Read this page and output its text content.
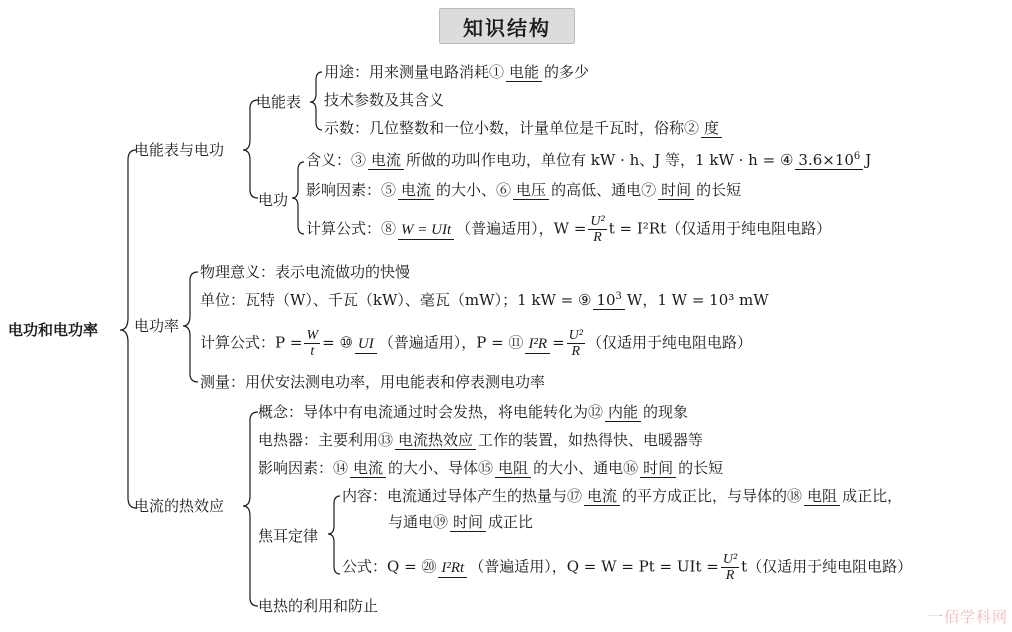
知识结构
电功和电功率
电能表与电功
电能表
用途：用来测量电路消耗① 电能 的多少
技术参数及其含义
示数：几位整数和一位小数，计量单位是千瓦时，俗称② 度
电功
含义：③ 电流 所做的功叫作电功，单位有 kW · h、J 等，1 kW · h = ④ $3.6\times 10^6$ J
影响因素：⑤ 电流 的大小、⑥ 电压 的高低、通电⑦ 时间 的长短
计算公式：⑧ W = UIt （普遍适用），$W = \frac{\text{U²}}{R}$ t = I²Rt（仅适用于纯电阻电路）
电功率
物理意义：表示电流做功的快慢
单位：瓦特（W）、千瓦（kW）、毫瓦（mW）；1 kW = ⑨ $10^3$ W，1 W = 10³ mW
计算公式：$P = \frac{W}{t}$ = ⑩ UI （普遍适用），P = ⑪ $I^2R = \frac{\text{U²}}{R}$ （仅适用于纯电阻电路）
测量：用伏安法测电功率，用电能表和停表测电功率
电流的热效应
概念：导体中有电流通过时会发热，将电能转化为⑫ 内能 的现象
电热器：主要利用⑬ 电流热效应 工作的装置，如热得快、电暖器等
影响因素：⑭ 电流 的大小、导体⑮ 电阻 的大小、通电⑯ 时间 的长短
焦耳定律
内容：电流通过导体产生的热量与⑰ 电流 的平方成正比，与导体的⑱ 电阻 成正比，
与通电⑲ 时间 成正比
公式：Q = ⑳ I²Rt （普遍适用），Q = W = Pt = UIt = $\frac{\text{U²}}{R} t$（仅适用于纯电阻电路）
电热的利用和防止
一佰学科网
